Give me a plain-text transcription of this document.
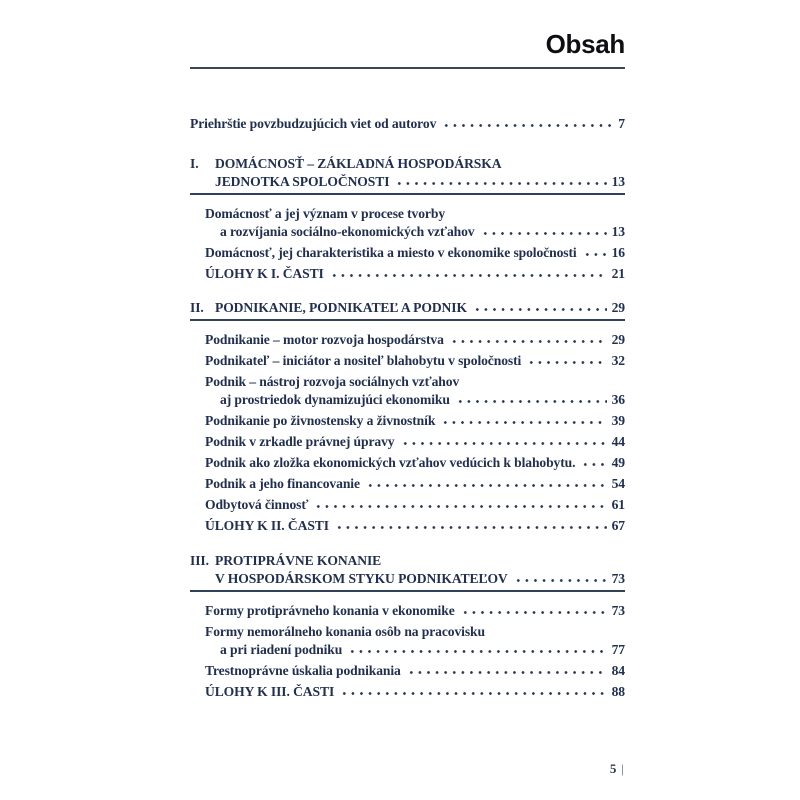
Obsah
Priehrštie povzbudzujúcich viet od autorov	7
I.	DOMÁCNOSŤ – ZÁKLADNÁ HOSPODÁRSKA
JEDNOTKA SPOLOČNOSTI	13
Domácnosť a jej význam v procese tvorby
a rozvíjania sociálno-ekonomických vzťahov	13
Domácnosť, jej charakteristika a miesto v ekonomike spoločnosti	16
ÚLOHY K I. ČASTI	21
II. PODNIKANIE, PODNIKATEĽ A PODNIK	29
Podnikanie – motor rozvoja hospodárstva	29
Podnikateľ – iniciátor a nositeľ blahobytu v spoločnosti	32
Podnik – nástroj rozvoja sociálnych vzťahov
aj prostriedok dynamizujúci ekonomiku	36
Podnikanie po živnostensky a živnostník	39
Podnik v zrkadle právnej úpravy	44
Podnik ako zložka ekonomických vzťahov vedúcich k blahobytu.	49
Podnik a jeho financovanie	54
Odbytová činnosť	61
ÚLOHY K II. ČASTI	67
III. PROTIPRÁVNE KONANIE
V HOSPODÁRSKOM STYKU PODNIKATEĽOV	73
Formy protiprávneho konania v ekonomike	73
Formy nemorálneho konania osôb na pracovisku
a pri riadení podniku	77
Trestnoprávne úskalia podnikania	84
ÚLOHY K III. ČASTI	88
5 |
